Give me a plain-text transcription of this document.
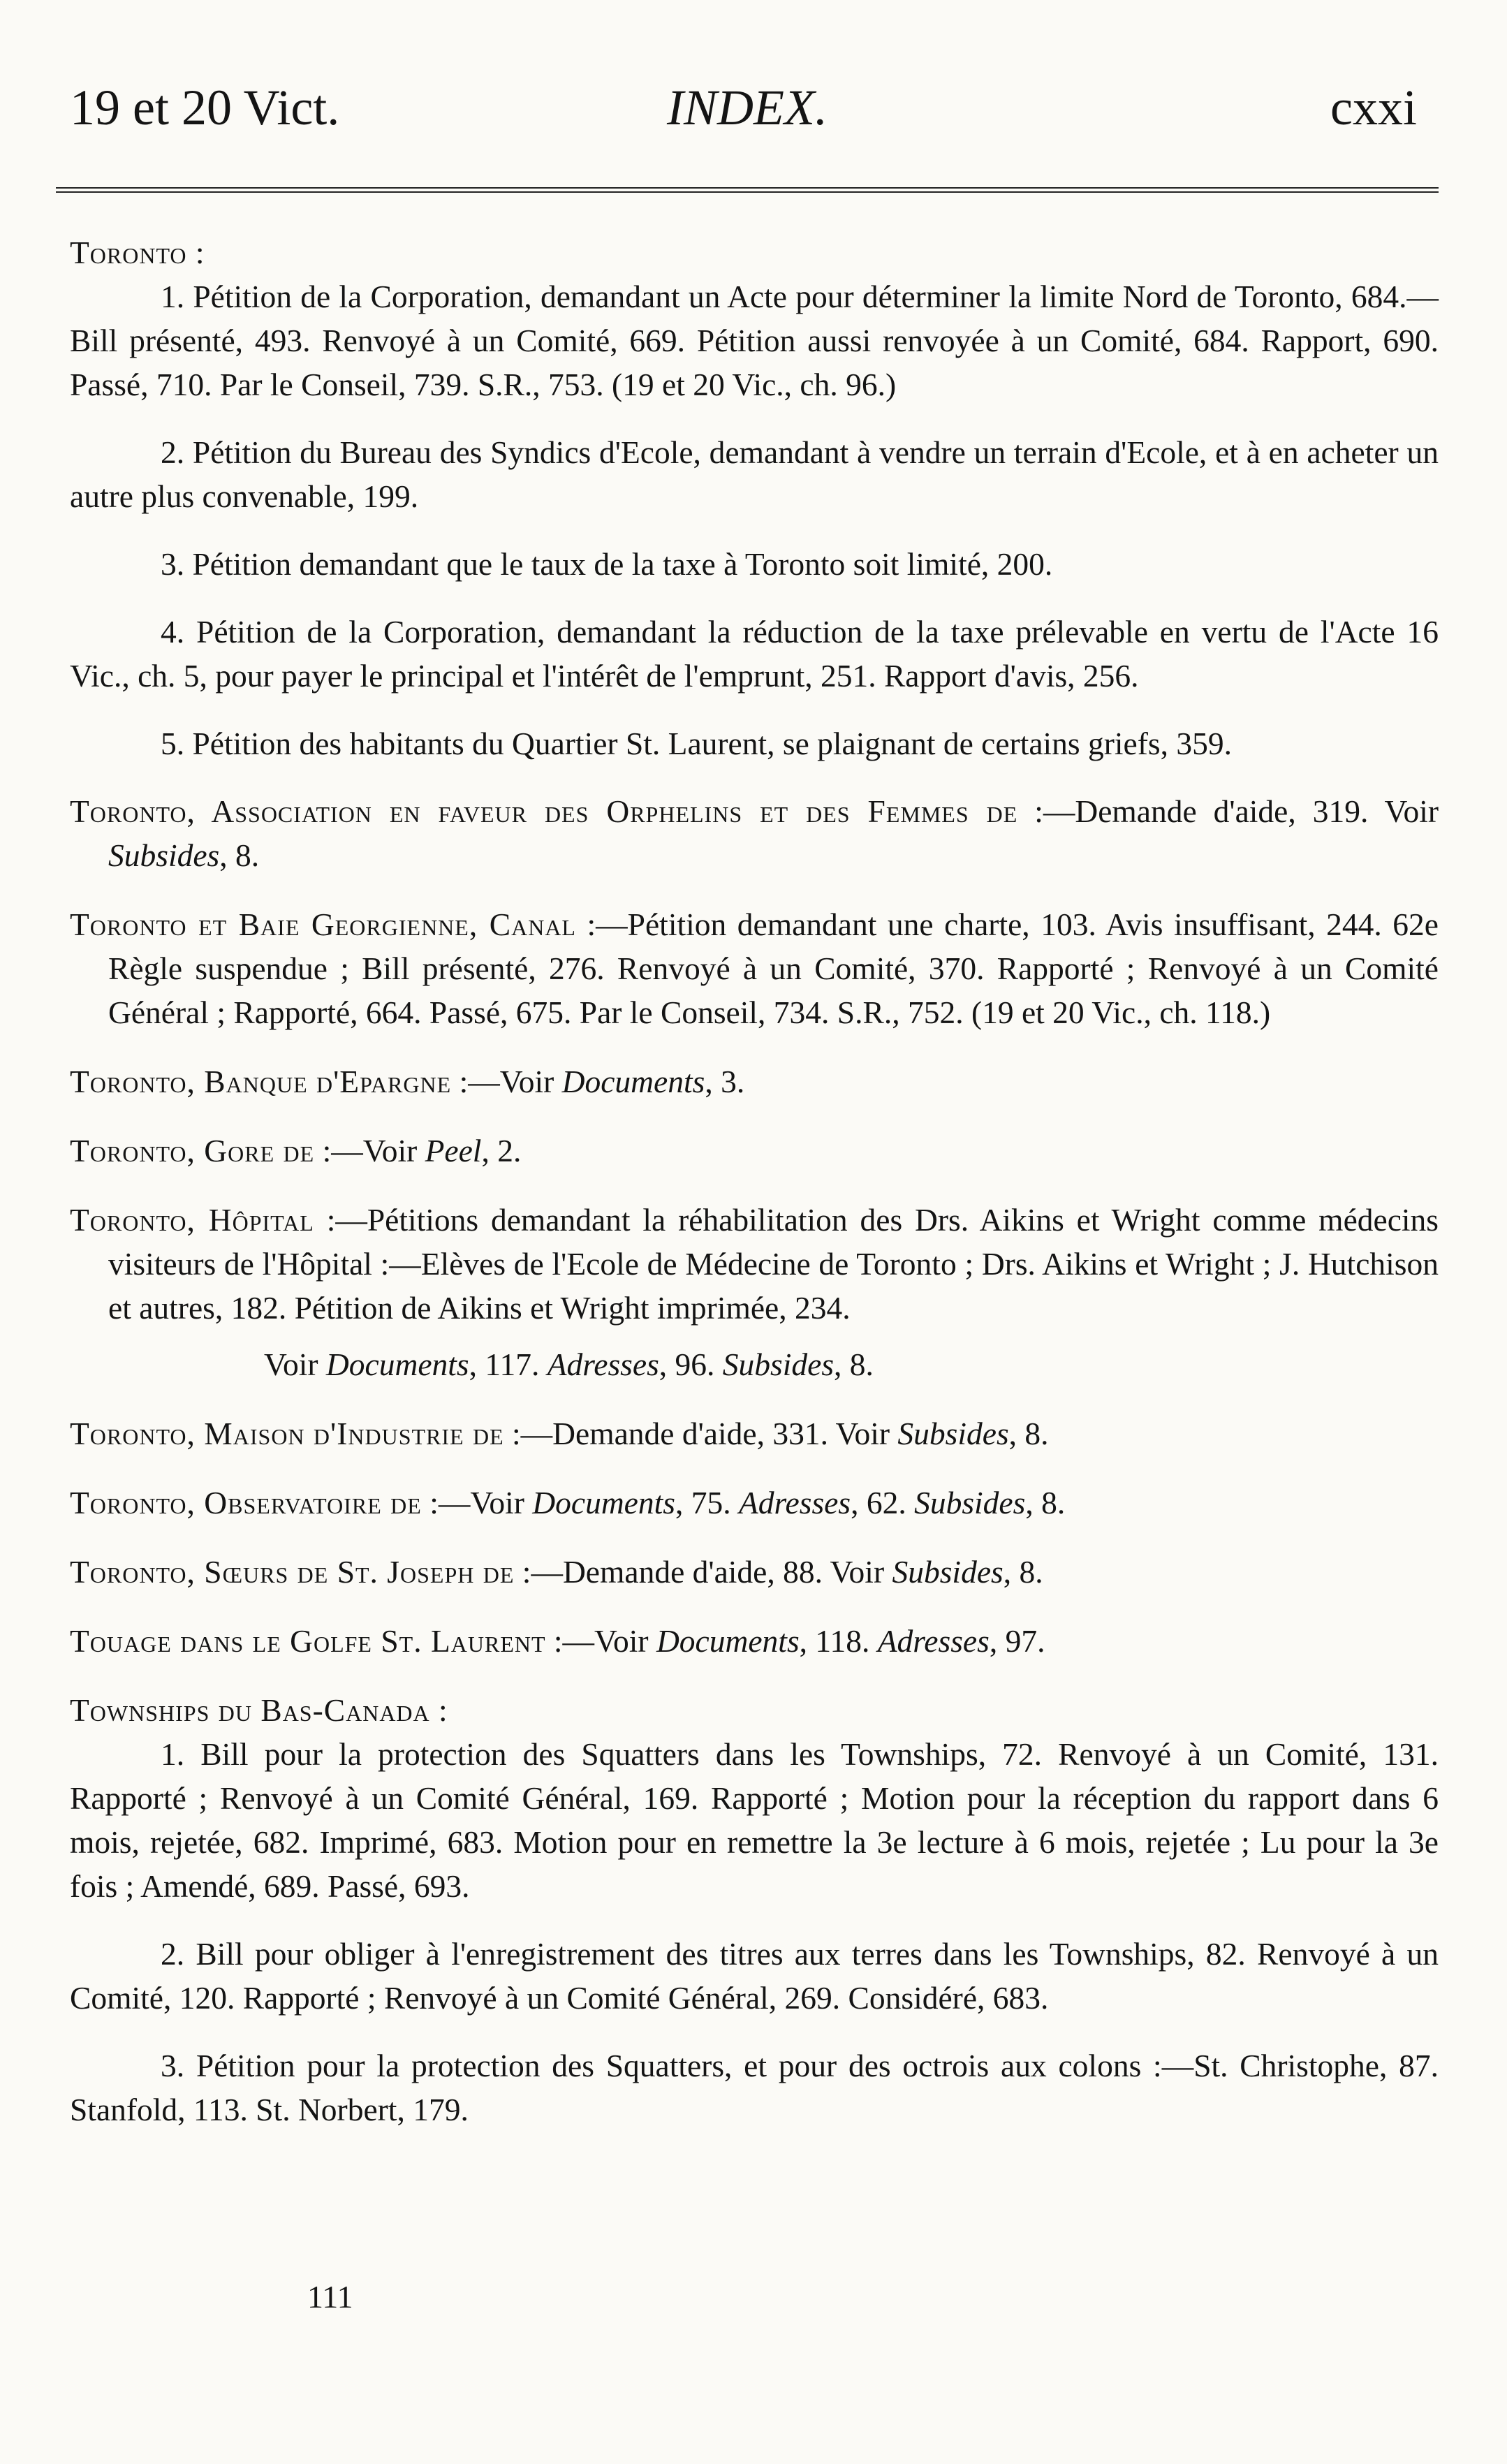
19 et 20 Vict.	INDEX.	cxxi

Toronto :

1. Pétition de la Corporation, demandant un Acte pour déterminer la limite Nord de Toronto, 684.—Bill présenté, 493. Renvoyé à un Comité, 669. Pétition aussi renvoyée à un Comité, 684. Rapport, 690. Passé, 710. Par le Conseil, 739. S.R., 753. (19 et 20 Vic., ch. 96.)

2. Pétition du Bureau des Syndics d'Ecole, demandant à vendre un terrain d'Ecole, et à en acheter un autre plus convenable, 199.

3. Pétition demandant que le taux de la taxe à Toronto soit limité, 200.

4. Pétition de la Corporation, demandant la réduction de la taxe prélevable en vertu de l'Acte 16 Vic., ch. 5, pour payer le principal et l'intérêt de l'emprunt, 251. Rapport d'avis, 256.

5. Pétition des habitants du Quartier St. Laurent, se plaignant de certains griefs, 359.

Toronto, Association en faveur des Orphelins et des Femmes de :—Demande d'aide, 319. Voir Subsides, 8.

Toronto et Baie Georgienne, Canal :—Pétition demandant une charte, 103. Avis insuffisant, 244. 62e Règle suspendue ; Bill présenté, 276. Renvoyé à un Comité, 370. Rapporté ; Renvoyé à un Comité Général ; Rapporté, 664. Passé, 675. Par le Conseil, 734. S.R., 752. (19 et 20 Vic., ch. 118.)

Toronto, Banque d'Epargne :—Voir Documents, 3.

Toronto, Gore de :—Voir Peel, 2.

Toronto, Hôpital :—Pétitions demandant la réhabilitation des Drs. Aikins et Wright comme médecins visiteurs de l'Hôpital :—Elèves de l'Ecole de Médecine de Toronto ; Drs. Aikins et Wright ; J. Hutchison et autres, 182. Pétition de Aikins et Wright imprimée, 234.

Voir Documents, 117. Adresses, 96. Subsides, 8.

Toronto, Maison d'Industrie de :—Demande d'aide, 331. Voir Subsides, 8.

Toronto, Observatoire de :—Voir Documents, 75. Adresses, 62. Subsides, 8.

Toronto, Sœurs de St. Joseph de :—Demande d'aide, 88. Voir Subsides, 8.

Touage dans le Golfe St. Laurent :—Voir Documents, 118. Adresses, 97.

Townships du Bas-Canada :

1. Bill pour la protection des Squatters dans les Townships, 72. Renvoyé à un Comité, 131. Rapporté ; Renvoyé à un Comité Général, 169. Rapporté ; Motion pour la réception du rapport dans 6 mois, rejetée, 682. Imprimé, 683. Motion pour en remettre la 3e lecture à 6 mois, rejetée ; Lu pour la 3e fois ; Amendé, 689. Passé, 693.

2. Bill pour obliger à l'enregistrement des titres aux terres dans les Townships, 82. Renvoyé à un Comité, 120. Rapporté ; Renvoyé à un Comité Général, 269. Considéré, 683.

3. Pétition pour la protection des Squatters, et pour des octrois aux colons :—St. Christophe, 87. Stanfold, 113. St. Norbert, 179.

111
